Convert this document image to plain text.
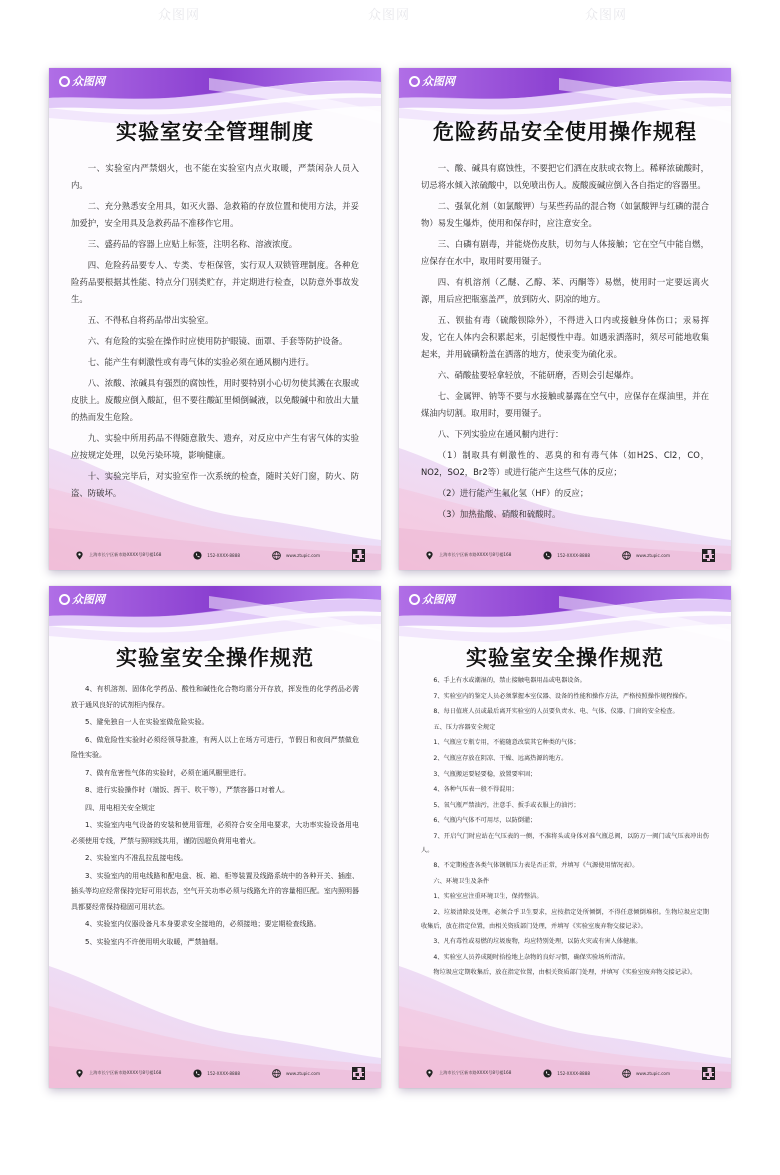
众图网	众图网	众图网
众图网
实验室安全管理制度

一、实验室内严禁烟火，也不能在实验室内点火取暖，严禁闲杂人员入内。

二、充分熟悉安全用具，如灭火器、急救箱的存放位置和使用方法，并妥加爱护，安全用具及急救药品不准移作它用。

三、盛药品的容器上应贴上标签，注明名称、溶液浓度。

四、危险药品要专人、专类、专柜保管，实行双人双锁管理制度。各种危险药品要根据其性能、特点分门别类贮存，并定期进行检查，以防意外事故发生。

五、不得私自将药品带出实验室。

六、有危险的实验在操作时应使用防护眼镜、面罩、手套等防护设备。

七、能产生有刺激性或有毒气体的实验必须在通风橱内进行。

八、浓酸、浓碱具有强烈的腐蚀性，用时要特别小心切勿使其溅在衣服或皮肤上。废酸应倒入酸缸，但不要往酸缸里倾倒碱液，以免酸碱中和放出大量的热而发生危险。

九、实验中所用药品不得随意散失、遗弃，对反应中产生有害气体的实验应按规定处理，以免污染环境，影响健康。

十、实验完毕后，对实验室作一次系统的检查，随时关好门窗，防火、防盗、防破坏。

上海市长宁区新市路XXXX号8号楼168	152-XXXX-8888	www.ztupic.com
众图网
危险药品安全使用操作规程

一、酸、碱具有腐蚀性，不要把它们洒在皮肤或衣物上。稀释浓硫酸时，切忌将水倾入浓硫酸中，以免喷出伤人。废酸废碱应倒入各自指定的容器里。

二、强氧化剂（如氯酸钾）与某些药品的混合物（如氯酸钾与红磷的混合物）易发生爆炸，使用和保存时，应注意安全。

三、白磷有剧毒，并能烧伤皮肤，切勿与人体接触；它在空气中能自燃，应保存在水中，取用时要用镊子。

四、有机溶剂（乙醚、乙醇、苯、丙酮等）易燃，使用时一定要远离火源，用后应把瓶塞盖严，放到防火、阴凉的地方。

五、钡盐有毒（硫酸钡除外），不得进入口内或接触身体伤口；汞易挥发，它在人体内会积累起来，引起慢性中毒。如遇汞洒落时，须尽可能地收集起来，并用硫磺粉盖在洒落的地方，使汞变为硫化汞。

六、硝酸盐要轻拿轻放，不能研磨，否则会引起爆炸。

七、金属钾、钠等不要与水接触或暴露在空气中，应保存在煤油里，并在煤油内切割。取用时，要用镊子。

八、下列实验应在通风橱内进行：

（1）制取具有刺激性的、恶臭的和有毒气体（如H2S、Cl2，CO，NO2，SO2，Br2等）或进行能产生这些气体的反应；

（2）进行能产生氟化氢（HF）的反应；

（3）加热盐酸、硝酸和硫酸时。

上海市长宁区新市路XXXX号8号楼168	152-XXXX-8888	www.ztupic.com
众图网
实验室安全操作规范

4、有机溶剂、固体化学药品、酸性和碱性化合物均需分开存放，挥发性的化学药品必需放于通风良好的试剂柜内保存。

5、避免独自一人在实验室做危险实验。

6、做危险性实验时必须经领导批准，有两人以上在场方可进行，节假日和夜间严禁做危险性实验。

7、做有危害性气体的实验时，必须在通风橱里进行。

8、进行实验操作时（端饭、挥干、吹干等），严禁容器口对着人。

四、用电相关安全规定

1、实验室内电气设备的安装和使用管理，必须符合安全用电要求，大功率实验设备用电必须使用专线，严禁与照明线共用，谨防因超负荷用电着火。

2、实验室内不准乱拉乱接电线。

3、实验室内的用电线路和配电盘、板、箱、柜等装置及线路系统中的各种开关、插座、插头等均应经常保持完好可用状态，空气开关功率必须与线路允许的容量相匹配。室内照明器具都要经常保持稳固可用状态。

4、实验室内仪器设备凡本身要求安全接地的，必须接地；要定期检查线路。

5、实验室内不许使用明火取暖，严禁抽烟。

上海市长宁区新市路XXXX号8号楼168	152-XXXX-8888	www.ztupic.com
众图网
实验室安全操作规范

6、手上有水或潮湿的，禁止接触电器用品或电器设备。

7、实验室内的鉴定人员必须掌握本室仪器、设备的性能和操作方法，严格按照操作规程操作。

8、每日值班人员或最后离开实验室的人员要负责水、电、气体、仪器、门窗的安全检查。

五、压力容器安全规定

1、气瓶应专瓶专用，不能随意改装其它种类的气体；

2、气瓶应存放在阴凉、干燥、远离热源的地方。

3、气瓶搬运要轻要稳，放置要牢固；

4、各种气压表一般不得混用；

5、氧气瓶严禁油污，注意手、扳手或衣服上的油污；

6、气瓶内气体不可用尽，以防倒灌；

7、开启气门时应站在气压表的一侧，不准将头或身体对准气瓶总阀，以防万一阀门或气压表冲出伤人。

8、不定期检查各类气体钢瓶压力表是否正常，并填写《气源使用情况表》。

六、环境卫生及条件

1、实验室应注重环境卫生，保持整洁。

2、垃圾清除及处理，必须合乎卫生要求，应按指定处所倾倒，不得任意倾倒堆积。生物垃圾应定期收集后，放在指定位置，由相关资质部门处理，并填写《实验室废弃物交接记录》。

3、凡有毒性或易燃的垃圾废物，均应特别处理，以防火灾或有害人体健康。

4、实验室人员养成随时拾捡地上杂物的良好习惯，确保实验场所清洁。

物垃圾应定期收集后，放在指定位置，由相关资质部门处理，并填写《实验室废弃物交接记录》。

上海市长宁区新市路XXXX号8号楼168	152-XXXX-8888	www.ztupic.com
